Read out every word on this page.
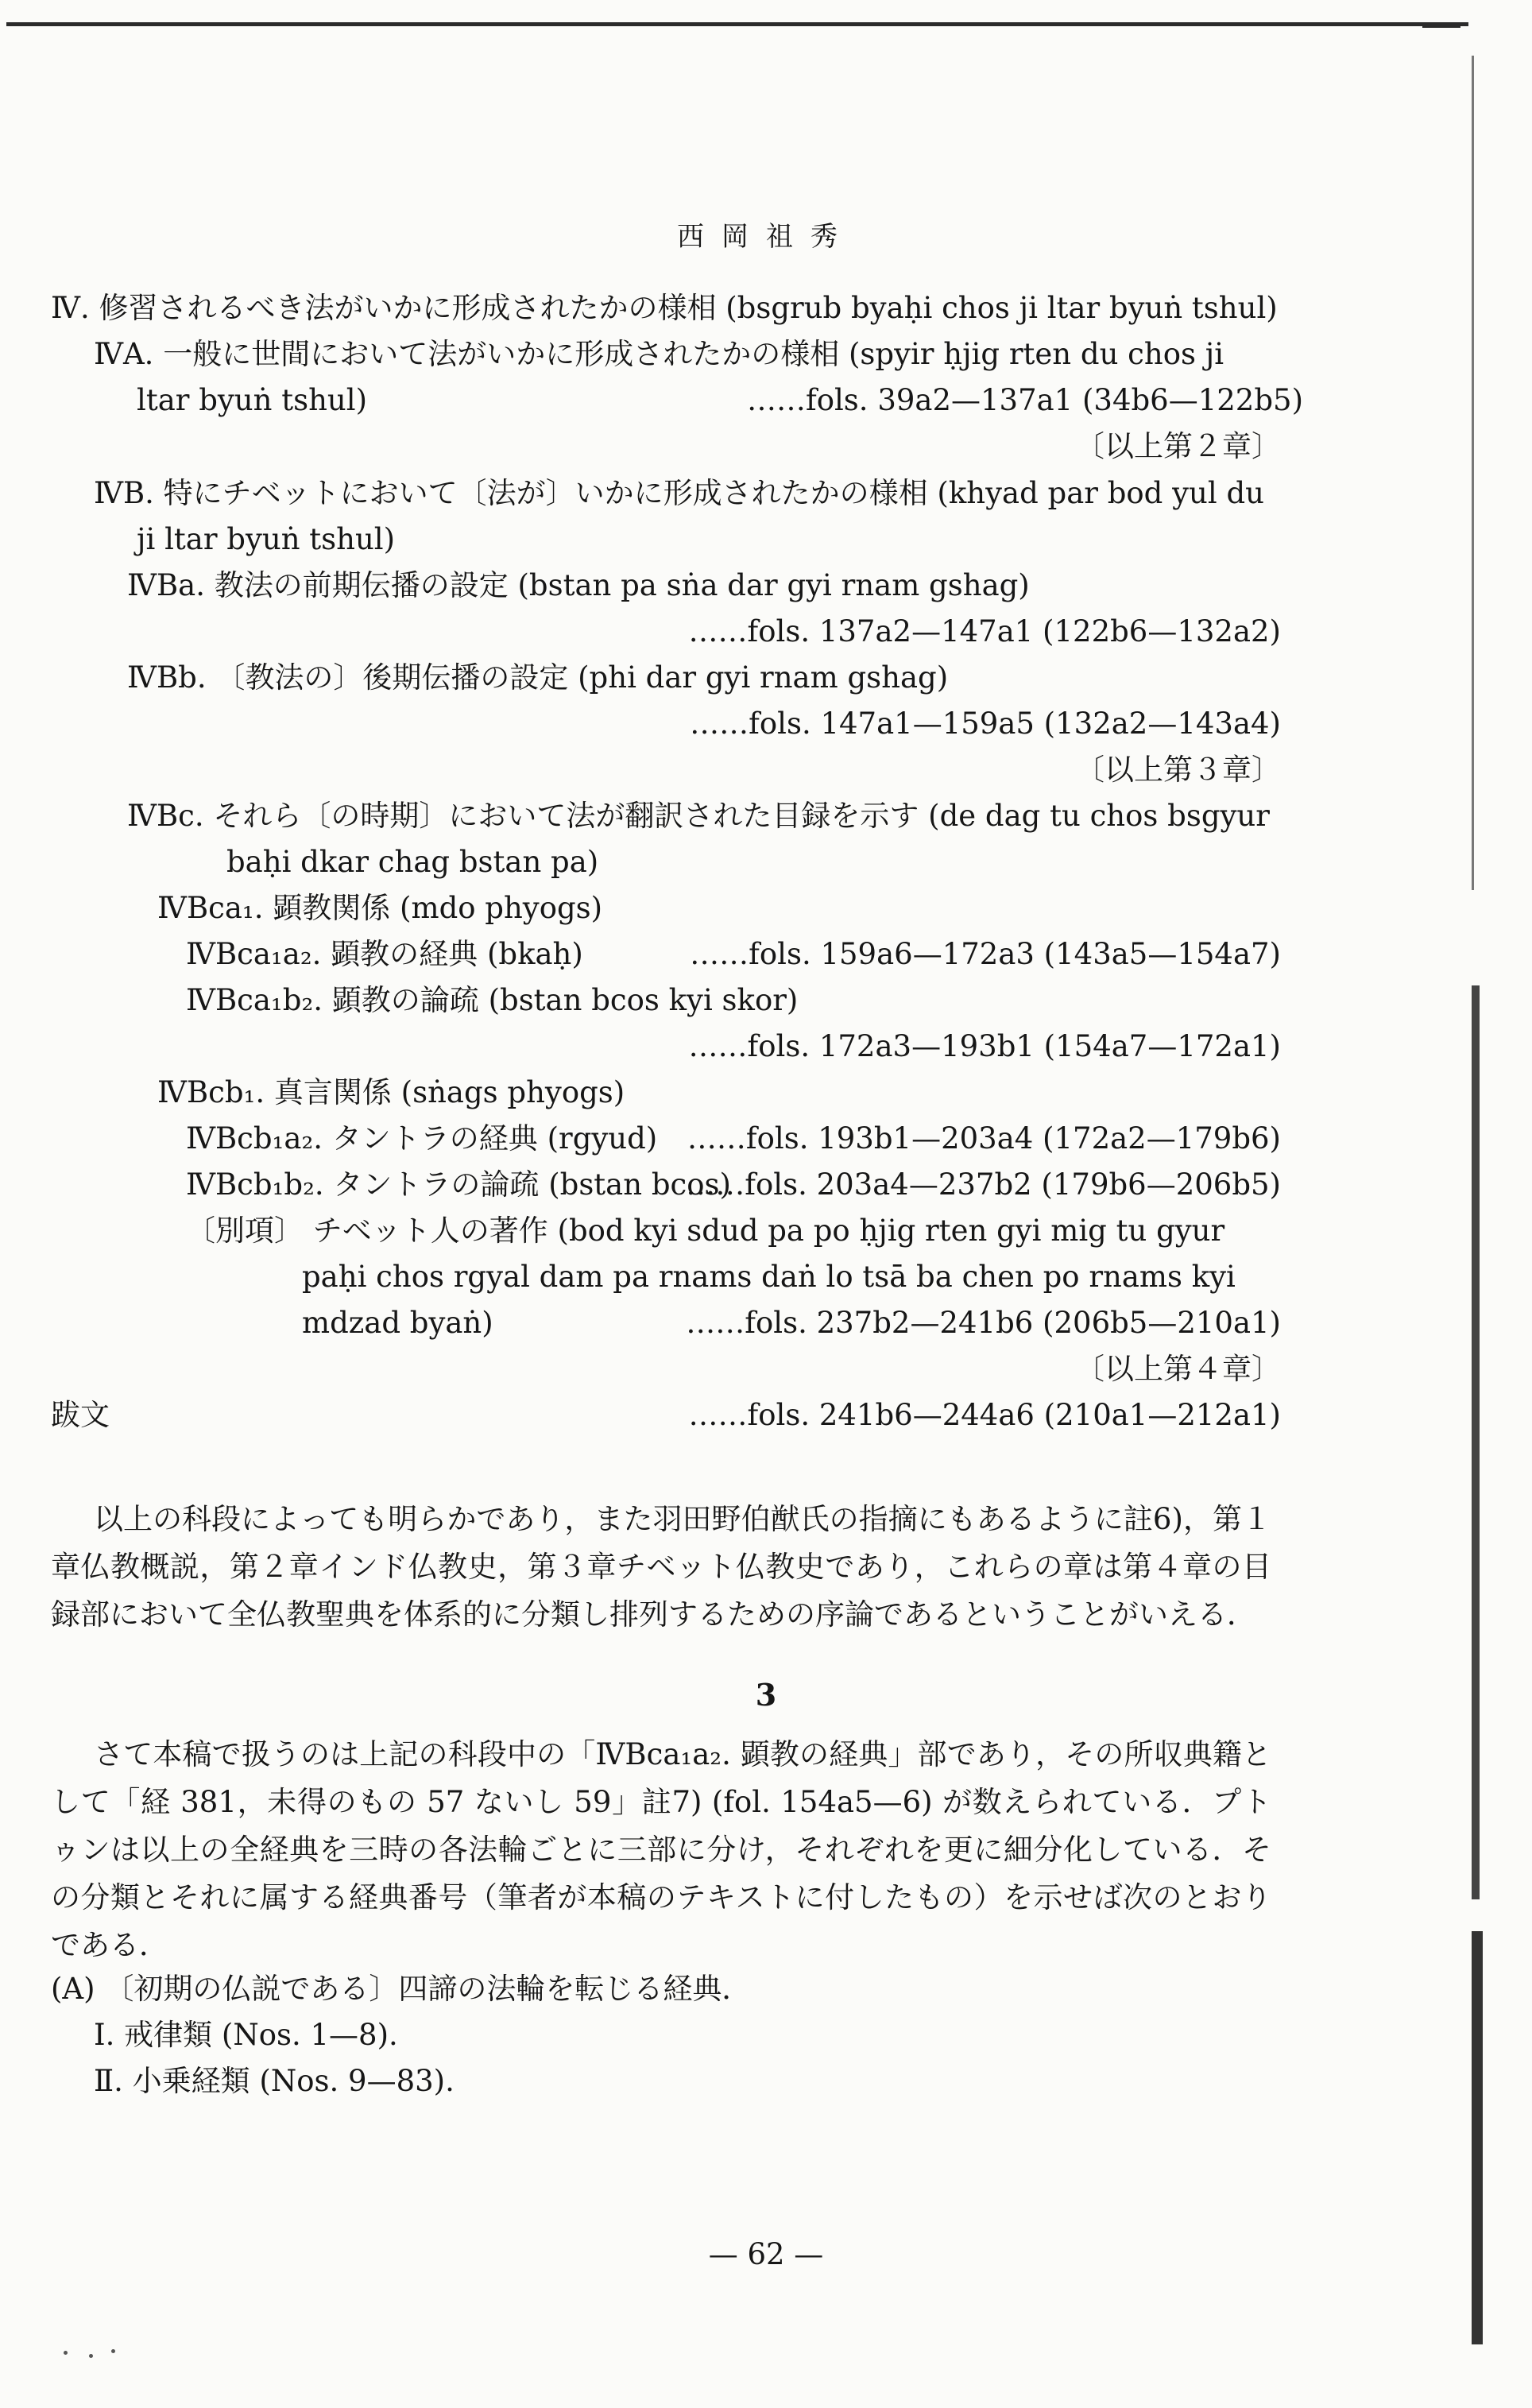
西岡祖秀
Ⅳ. 修習されるべき法がいかに形成されたかの様相 (bsgrub byaḥi chos ji ltar byuṅ tshul)
ⅣA. 一般に世間において法がいかに形成されたかの様相 (spyir ḥjig rten du chos ji
ltar byuṅ tshul)	……fols. 39a2—137a1 (34b6—122b5)
〔以上第２章〕
ⅣB. 特にチベットにおいて〔法が〕いかに形成されたかの様相 (khyad par bod yul du
ji ltar byuṅ tshul)
ⅣBa. 教法の前期伝播の設定 (bstan pa sṅa dar gyi rnam gshag)
……fols. 137a2—147a1 (122b6—132a2)
ⅣBb. 〔教法の〕後期伝播の設定 (phi dar gyi rnam gshag)
……fols. 147a1—159a5 (132a2—143a4)
〔以上第３章〕
ⅣBc. それら〔の時期〕において法が翻訳された目録を示す (de dag tu chos bsgyur
baḥi dkar chag bstan pa)
ⅣBca₁. 顕教関係 (mdo phyogs)
ⅣBca₁a₂. 顕教の経典 (bkaḥ)	……fols. 159a6—172a3 (143a5—154a7)
ⅣBca₁b₂. 顕教の論疏 (bstan bcos kyi skor)
……fols. 172a3—193b1 (154a7—172a1)
ⅣBcb₁. 真言関係 (sṅags phyogs)
ⅣBcb₁a₂. タントラの経典 (rgyud)	……fols. 193b1—203a4 (172a2—179b6)
ⅣBcb₁b₂. タントラの論疏 (bstan bcos)
……fols. 203a4—237b2 (179b6—206b5)
〔別項〕 チベット人の著作 (bod kyi sdud pa po ḥjig rten gyi mig tu gyur
paḥi chos rgyal dam pa rnams daṅ lo tsā ba chen po rnams kyi
mdzad byaṅ)	……fols. 237b2—241b6 (206b5—210a1)
〔以上第４章〕
跋文	……fols. 241b6—244a6 (210a1—212a1)
以上の科段によっても明らかであり，また羽田野伯猷氏の指摘にもあるように註6)，第１章仏教概説，第２章インド仏教史，第３章チベット仏教史であり，これらの章は第４章の目録部において全仏教聖典を体系的に分類し排列するための序論であるということがいえる．
3
さて本稿で扱うのは上記の科段中の「ⅣBca₁a₂. 顕教の経典」部であり，その所収典籍として「経 381，未得のもの 57 ないし 59」註7) (fol. 154a5—6) が数えられている．プトゥンは以上の全経典を三時の各法輪ごとに三部に分け，それぞれを更に細分化している．その分類とそれに属する経典番号（筆者が本稿のテキストに付したもの）を示せば次のとおりである．
(A) 〔初期の仏説である〕四諦の法輪を転じる経典．
Ⅰ. 戒律類 (Nos. 1—8).
Ⅱ. 小乗経類 (Nos. 9—83).
— 62 —
